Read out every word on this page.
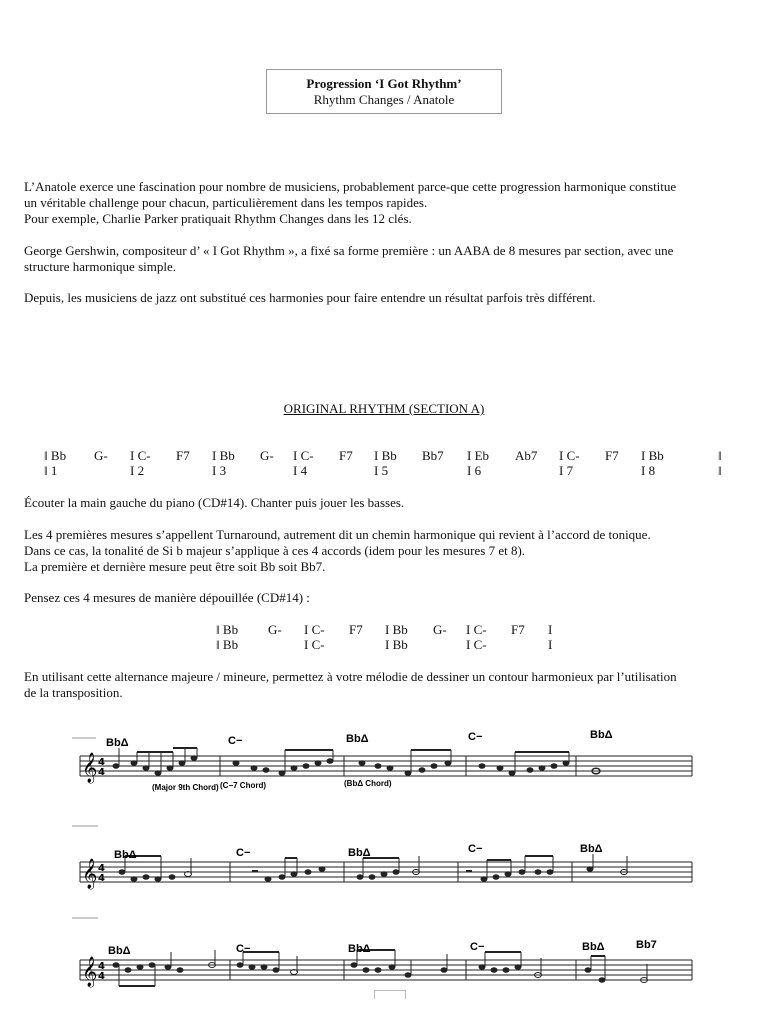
Progression ‘I Got Rhythm’
Rhythm Changes / Anatole

L’Anatole exerce une fascination pour nombre de musiciens, probablement parce-que cette progression harmonique constitue
un véritable challenge pour chacun, particulièrement dans les tempos rapides.
Pour exemple, Charlie Parker pratiquait Rhythm Changes dans les 12 clés.

George Gershwin, compositeur d’ « I Got Rhythm », a fixé sa forme première : un AABA de 8 mesures par section, avec une
structure harmonique simple.

Depuis, les musiciens de jazz ont substitué ces harmonies pour faire entendre un résultat parfois très différent.

ORIGINAL RHYTHM (SECTION A)
ǁ Bb G- I C- F7 I Bb G- I C- F7 I Bb Bb7 I Eb Ab7 I C- F7 I Bb	ǁ
ǁ 1	I 2	I 3	I 4	I 5	I 6	I 7	I 8	ǁ

Écouter la main gauche du piano (CD#14). Chanter puis jouer les basses.

Les 4 premières mesures s’appellent Turnaround, autrement dit un chemin harmonique qui revient à l’accord de tonique.
Dans ce cas, la tonalité de Si b majeur s’applique à ces 4 accords (idem pour les mesures 7 et 8).
La première et dernière mesure peut être soit Bb soit Bb7.

Pensez ces 4 mesures de manière dépouillée (CD#14) :

ǁ Bb G- I C- F7 I Bb G- I C- F7 I
ǁ Bb	I C-	I Bb	I C-	I

En utilisant cette alternance majeure / mineure, permettez à votre mélodie de dessiner un contour harmonieux par l’utilisation
de la transposition.

𝄞 4
4
BbΔ	C−	BbΔ	C−	BbΔ
(Major 9th Chord) (C−7 Chord)	(BbΔ Chord)
𝄞 4
4
BbΔ	C−	BbΔ	C−	BbΔ
𝄞 4
4
BbΔ	C−	BbΔ	C−	BbΔ	Bb7
